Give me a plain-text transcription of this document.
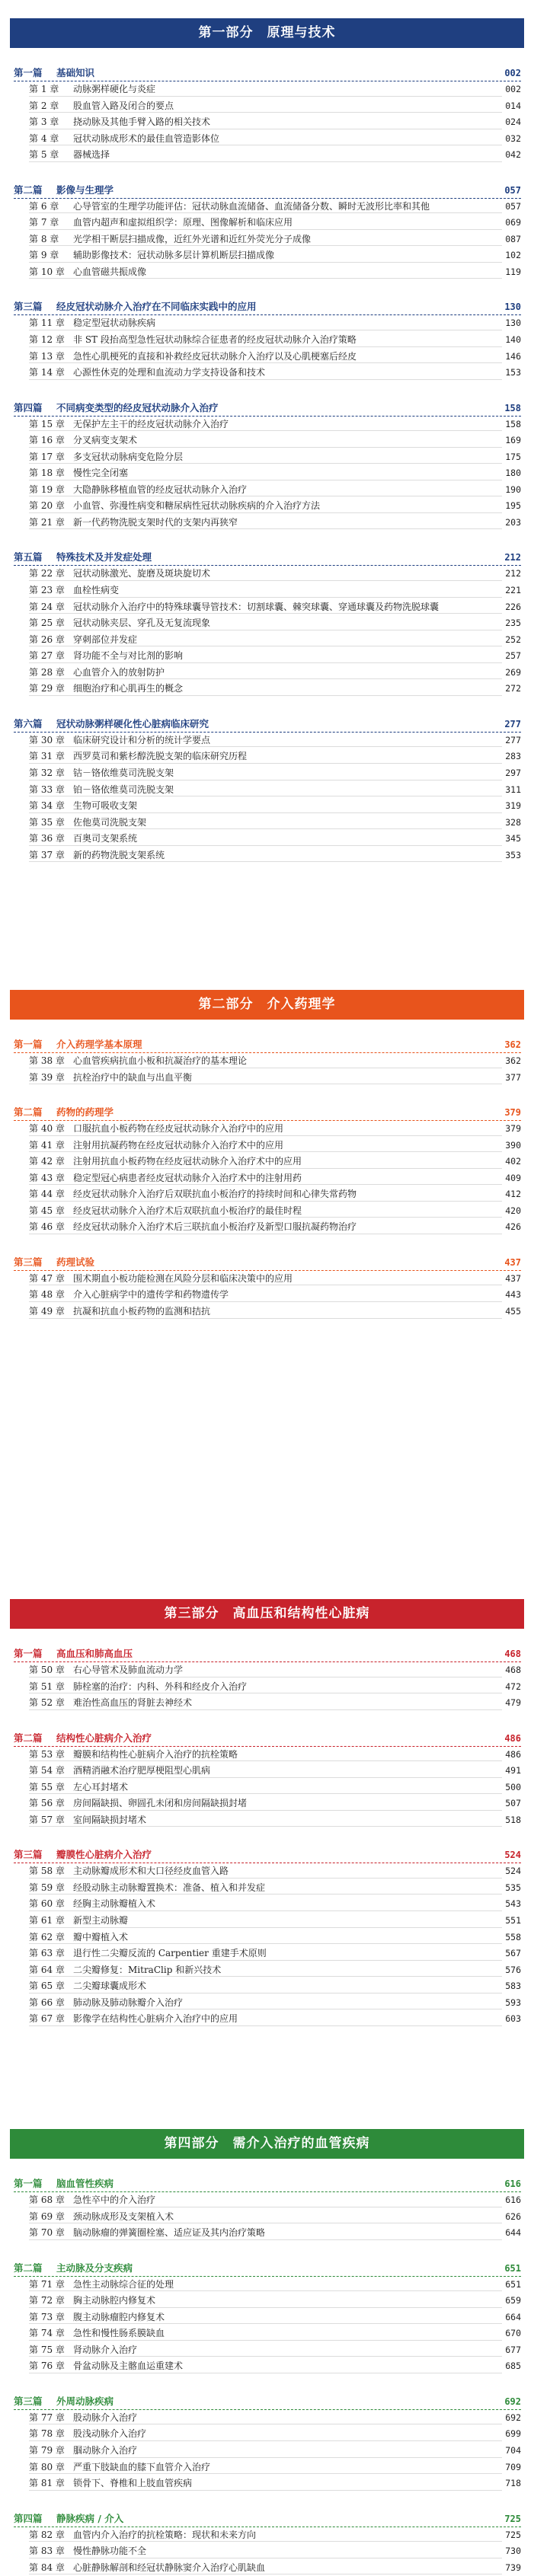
第一部分　原理与技术
第一篇 基础知识	002
第 1 章 动脉粥样硬化与炎症	002
第 2 章 股血管入路及闭合的要点	014
第 3 章 挠动脉及其他手臂入路的相关技术	024
第 4 章 冠状动脉成形术的最佳血管造影体位	032
第 5 章 器械选择	042
第二篇 影像与生理学	057
第 6 章 心导管室的生理学功能评估：冠状动脉血流储备、血流储备分数、瞬时无波形比率和其他	057
第 7 章 血管内超声和虚拟组织学：原理、图像解析和临床应用	069
第 8 章 光学相干断层扫描成像，近红外光谱和近红外荧光分子成像	087
第 9 章 辅助影像技术：冠状动脉多层计算机断层扫描成像	102
第 10 章 心血管磁共振成像	119
第三篇 经皮冠状动脉介入治疗在不同临床实践中的应用	130
第 11 章 稳定型冠状动脉疾病	130
第 12 章 非 ST 段抬高型急性冠状动脉综合征患者的经皮冠状动脉介入治疗策略	140
第 13 章 急性心肌梗死的直接和补救经皮冠状动脉介入治疗以及心肌梗塞后经皮	146
第 14 章 心源性休克的处理和血流动力学支持设备和技术	153
第四篇 不同病变类型的经皮冠状动脉介入治疗	158
第 15 章 无保护左主干的经皮冠状动脉介入治疗	158
第 16 章 分叉病变支架术	169
第 17 章 多支冠状动脉病变危险分层	175
第 18 章 慢性完全闭塞	180
第 19 章 大隐静脉移植血管的经皮冠状动脉介入治疗	190
第 20 章 小血管、弥漫性病变和糖尿病性冠状动脉疾病的介入治疗方法	195
第 21 章 新一代药物洗脱支架时代的支架内再狭窄	203
第五篇 特殊技术及并发症处理	212
第 22 章 冠状动脉激光、旋磨及斑块旋切术	212
第 23 章 血栓性病变	221
第 24 章 冠状动脉介入治疗中的特殊球囊导管技术：切割球囊、棘突球囊、穿通球囊及药物洗脱球囊	226
第 25 章 冠状动脉夹层、穿孔及无复流现象	235
第 26 章 穿刺部位并发症	252
第 27 章 肾功能不全与对比剂的影响	257
第 28 章 心血管介入的放射防护	269
第 29 章 细胞治疗和心肌再生的概念	272
第六篇 冠状动脉粥样硬化性心脏病临床研究	277
第 30 章 临床研究设计和分析的统计学要点	277
第 31 章 西罗莫司和紫杉醇洗脱支架的临床研究历程	283
第 32 章 钴－铬依维莫司洗脱支架	297
第 33 章 铂－铬依维莫司洗脱支架	311
第 34 章 生物可吸收支架	319
第 35 章 佐他莫司洗脱支架	328
第 36 章 百奥司支架系统	345
第 37 章 新的药物洗脱支架系统	353
第二部分　介入药理学
第一篇 介入药理学基本原理	362
第 38 章 心血管疾病抗血小板和抗凝治疗的基本理论	362
第 39 章 抗栓治疗中的缺血与出血平衡	377
第二篇 药物的药理学	379
第 40 章 口服抗血小板药物在经皮冠状动脉介入治疗中的应用	379
第 41 章 注射用抗凝药物在经皮冠状动脉介入治疗术中的应用	390
第 42 章 注射用抗血小板药物在经皮冠状动脉介入治疗术中的应用	402
第 43 章 稳定型冠心病患者经皮冠状动脉介入治疗术中的注射用药	409
第 44 章 经皮冠状动脉介入治疗后双联抗血小板治疗的持续时间和心律失常药物	412
第 45 章 经皮冠状动脉介入治疗术后双联抗血小板治疗的最佳时程	420
第 46 章 经皮冠状动脉介入治疗术后三联抗血小板治疗及新型口服抗凝药物治疗	426
第三篇 药理试验	437
第 47 章 围术期血小板功能检测在风险分层和临床决策中的应用	437
第 48 章 介入心脏病学中的遗传学和药物遗传学	443
第 49 章 抗凝和抗血小板药物的监测和拮抗	455
第三部分　高血压和结构性心脏病
第一篇 高血压和肺高血压	468
第 50 章 右心导管术及肺血流动力学	468
第 51 章 肺栓塞的治疗：内科、外科和经皮介入治疗	472
第 52 章 难治性高血压的肾脏去神经术	479
第二篇 结构性心脏病介入治疗	486
第 53 章 瓣膜和结构性心脏病介入治疗的抗栓策略	486
第 54 章 酒精消融术治疗肥厚梗阻型心肌病	491
第 55 章 左心耳封堵术	500
第 56 章 房间隔缺损、卵圆孔未闭和房间隔缺损封堵	507
第 57 章 室间隔缺损封堵术	518
第三篇 瓣膜性心脏病介入治疗	524
第 58 章 主动脉瓣成形术和大口径经皮血管入路	524
第 59 章 经股动脉主动脉瓣置换术：准备、植入和并发症	535
第 60 章 经胸主动脉瓣植入术	543
第 61 章 新型主动脉瓣	551
第 62 章 瓣中瓣植入术	558
第 63 章 退行性二尖瓣反流的 Carpentier 重建手术原则	567
第 64 章 二尖瓣修复：MitraClip 和新兴技术	576
第 65 章 二尖瓣球囊成形术	583
第 66 章 肺动脉及肺动脉瓣介入治疗	593
第 67 章 影像学在结构性心脏病介入治疗中的应用	603
第四部分　需介入治疗的血管疾病
第一篇 脑血管性疾病	616
第 68 章 急性卒中的介入治疗	616
第 69 章 颈动脉成形及支架植入术	626
第 70 章 脑动脉瘤的弹簧圈栓塞、适应证及其内治疗策略	644
第二篇 主动脉及分支疾病	651
第 71 章 急性主动脉综合征的处理	651
第 72 章 胸主动脉腔内修复术	659
第 73 章 腹主动脉瘤腔内修复术	664
第 74 章 急性和慢性肠系膜缺血	670
第 75 章 肾动脉介入治疗	677
第 76 章 骨盆动脉及主髂血运重建术	685
第三篇 外周动脉疾病	692
第 77 章 股动脉介入治疗	692
第 78 章 股浅动脉介入治疗	699
第 79 章 腘动脉介入治疗	704
第 80 章 严重下肢缺血的膝下血管介入治疗	709
第 81 章 锁骨下、脊椎和上肢血管疾病	718
第四篇 静脉疾病 / 介入	725
第 82 章 血管内介入治疗的抗栓策略：现状和未来方向	725
第 83 章 慢性静脉功能不全	730
第 84 章 心脏静脉解剖和经冠状静脉窦介入治疗心肌缺血	739
